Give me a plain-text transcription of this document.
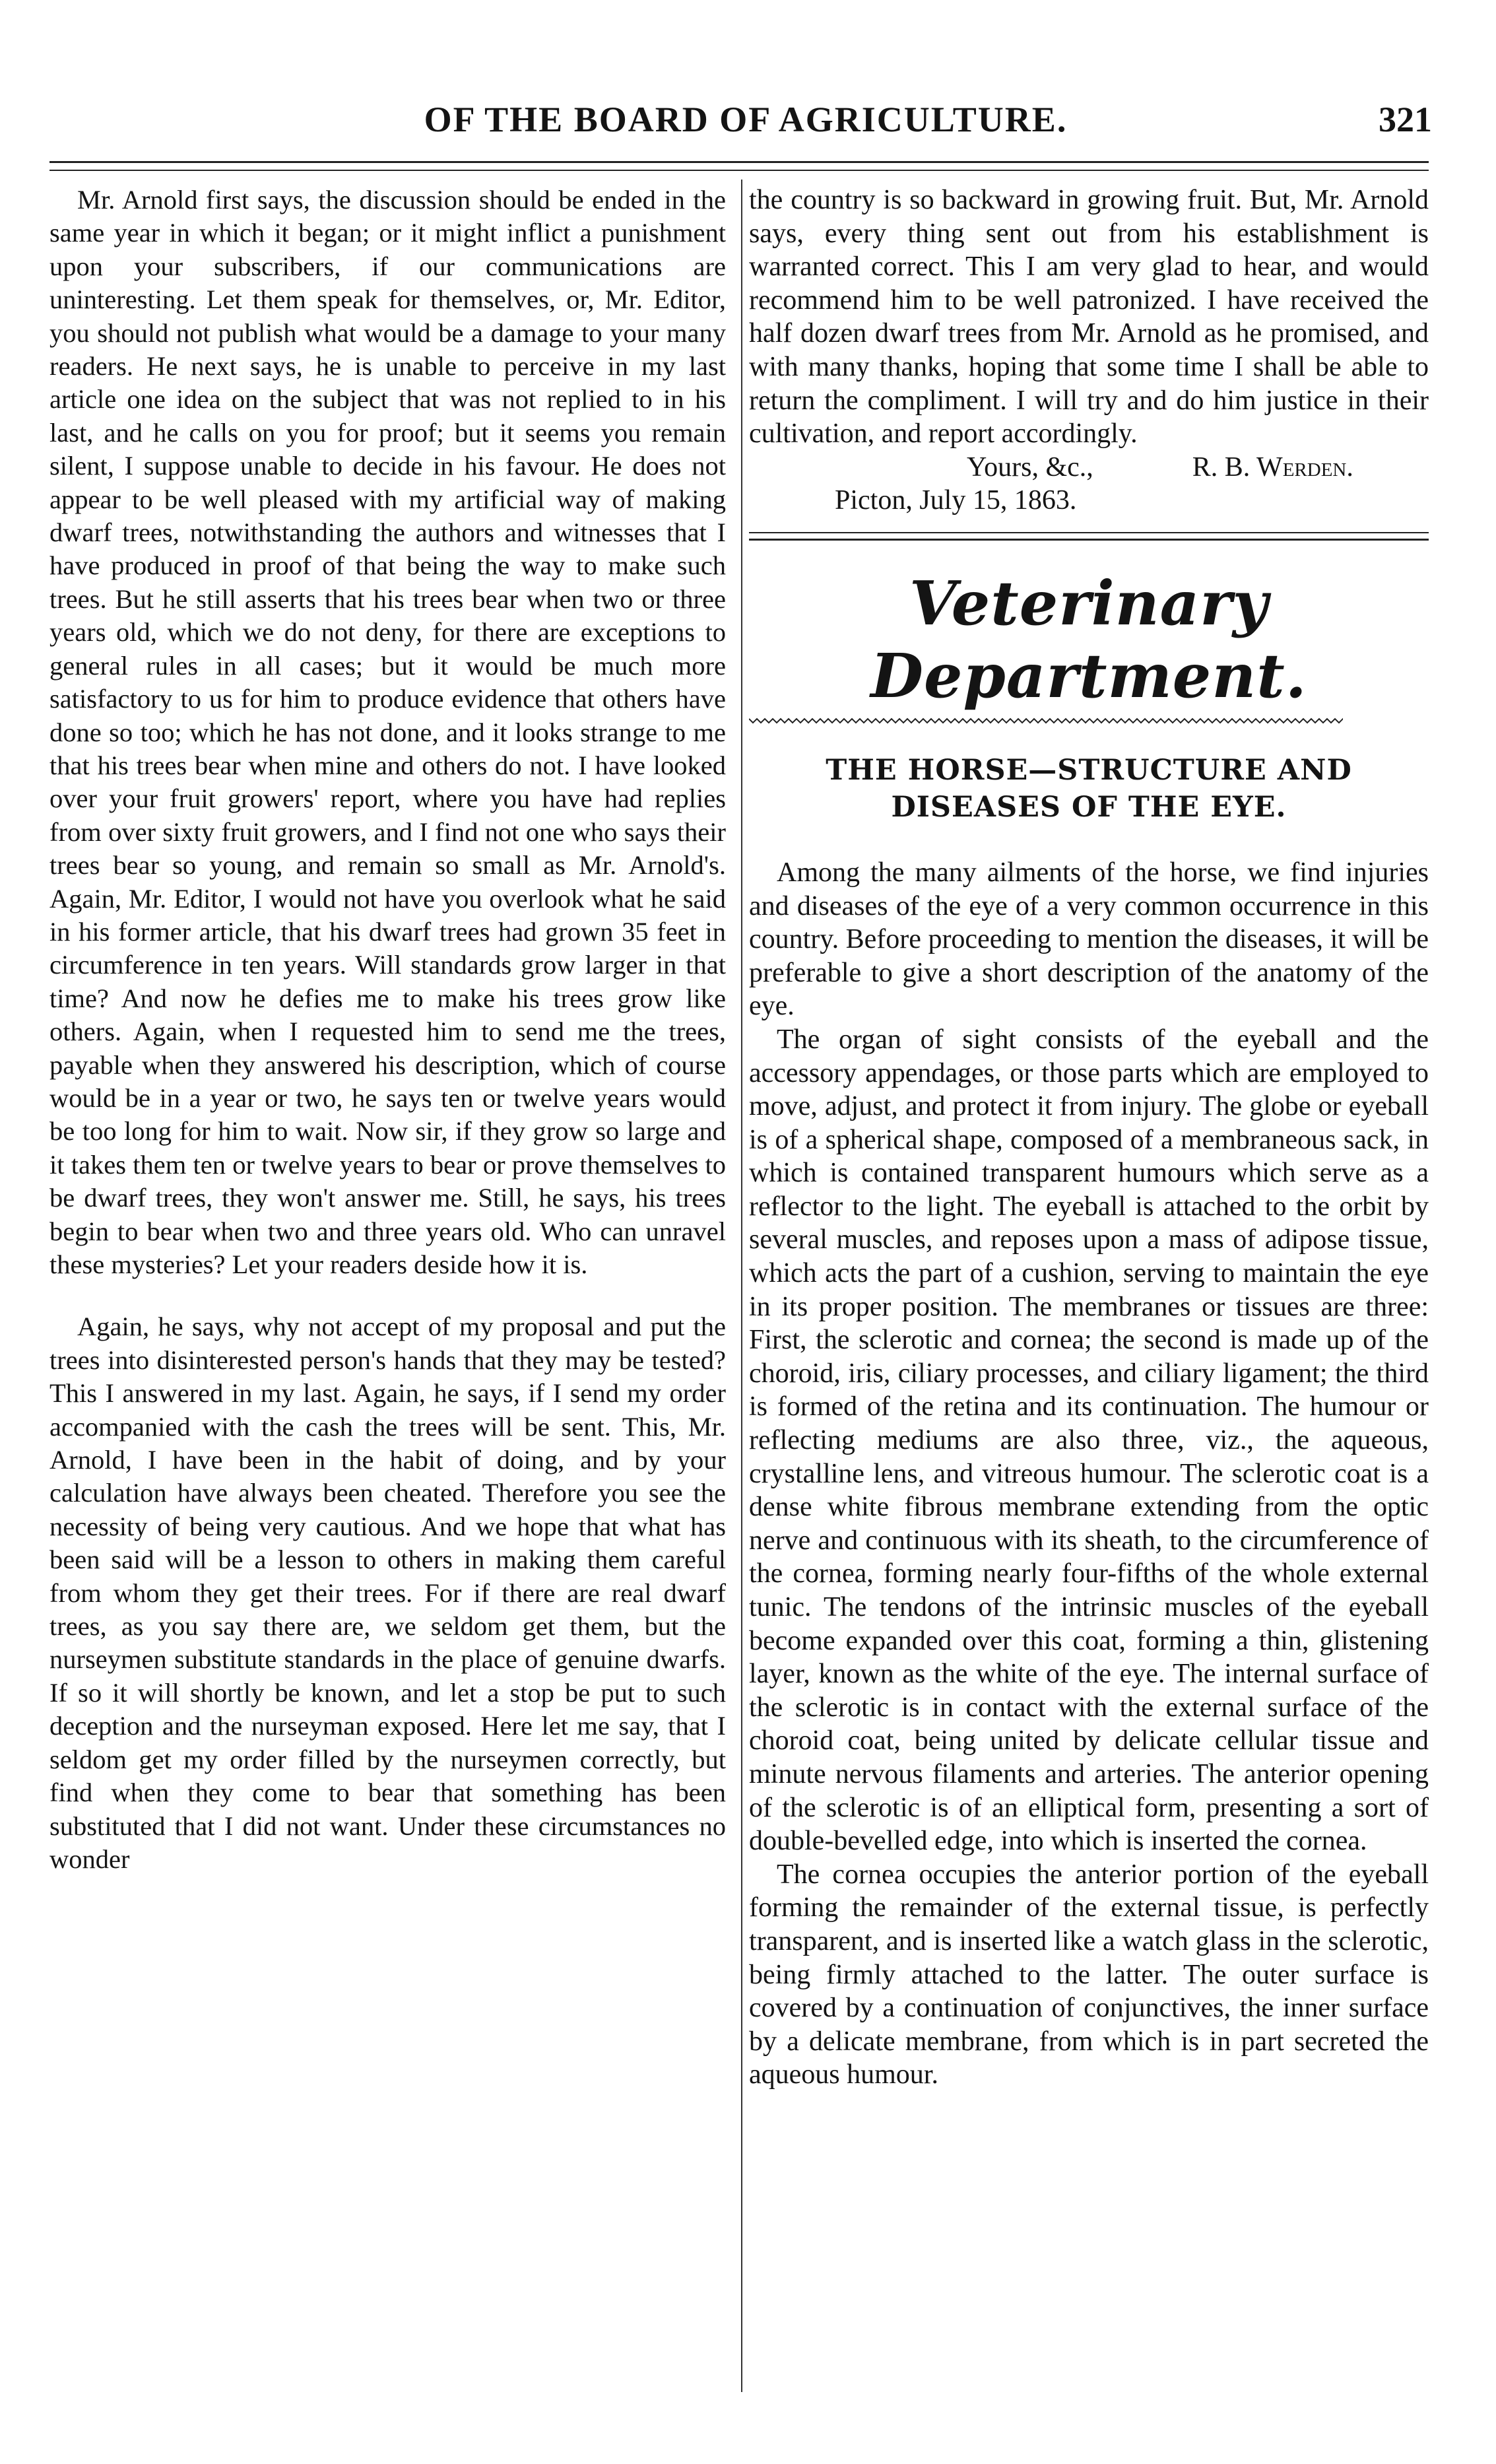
OF THE BOARD OF AGRICULTURE.	321

Mr. Arnold first says, the discussion should be ended in the same year in which it began; or it might inflict a punishment upon your subscribers, if our communications are uninteresting. Let them speak for themselves, or, Mr. Editor, you should not publish what would be a damage to your many readers. He next says, he is unable to perceive in my last article one idea on the subject that was not replied to in his last, and he calls on you for proof; but it seems you remain silent, I suppose unable to decide in his favour. He does not appear to be well pleased with my artificial way of making dwarf trees, notwithstanding the authors and witnesses that I have produced in proof of that being the way to make such trees. But he still asserts that his trees bear when two or three years old, which we do not deny, for there are exceptions to general rules in all cases; but it would be much more satisfactory to us for him to produce evidence that others have done so too; which he has not done, and it looks strange to me that his trees bear when mine and others do not. I have looked over your fruit growers' report, where you have had replies from over sixty fruit growers, and I find not one who says their trees bear so young, and remain so small as Mr. Arnold's. Again, Mr. Editor, I would not have you overlook what he said in his former article, that his dwarf trees had grown 35 feet in circumference in ten years. Will standards grow larger in that time? And now he defies me to make his trees grow like others. Again, when I requested him to send me the trees, payable when they answered his description, which of course would be in a year or two, he says ten or twelve years would be too long for him to wait. Now sir, if they grow so large and it takes them ten or twelve years to bear or prove themselves to be dwarf trees, they won't answer me. Still, he says, his trees begin to bear when two and three years old. Who can unravel these mysteries? Let your readers deside how it is.

Again, he says, why not accept of my proposal and put the trees into disinterested person's hands that they may be tested? This I answered in my last. Again, he says, if I send my order accompanied with the cash the trees will be sent. This, Mr. Arnold, I have been in the habit of doing, and by your calculation have always been cheated. Therefore you see the necessity of being very cautious. And we hope that what has been said will be a lesson to others in making them careful from whom they get their trees. For if there are real dwarf trees, as you say there are, we seldom get them, but the nurseymen substitute standards in the place of genuine dwarfs. If so it will shortly be known, and let a stop be put to such deception and the nurseyman exposed. Here let me say, that I seldom get my order filled by the nurseymen correctly, but find when they come to bear that something has been substituted that I did not want. Under these circumstances no wonder

the country is so backward in growing fruit. But, Mr. Arnold says, every thing sent out from his establishment is warranted correct. This I am very glad to hear, and would recommend him to be well patronized. I have received the half dozen dwarf trees from Mr. Arnold as he promised, and with many thanks, hoping that some time I shall be able to return the compliment. I will try and do him justice in their cultivation, and report accordingly.

Yours, &c.,	R. B. Werden.

Picton, July 15, 1863.

Veterinary Department.
THE HORSE—STRUCTURE AND DISEASES OF THE EYE.

Among the many ailments of the horse, we find injuries and diseases of the eye of a very common occurrence in this country. Before proceeding to mention the diseases, it will be preferable to give a short description of the anatomy of the eye.

The organ of sight consists of the eyeball and the accessory appendages, or those parts which are employed to move, adjust, and protect it from injury. The globe or eyeball is of a spherical shape, composed of a membraneous sack, in which is contained transparent humours which serve as a reflector to the light. The eyeball is attached to the orbit by several muscles, and reposes upon a mass of adipose tissue, which acts the part of a cushion, serving to maintain the eye in its proper position. The membranes or tissues are three: First, the sclerotic and cornea; the second is made up of the choroid, iris, ciliary processes, and ciliary ligament; the third is formed of the retina and its continuation. The humour or reflecting mediums are also three, viz., the aqueous, crystalline lens, and vitreous humour. The sclerotic coat is a dense white fibrous membrane extending from the optic nerve and continuous with its sheath, to the circumference of the cornea, forming nearly four-fifths of the whole external tunic. The tendons of the intrinsic muscles of the eyeball become expanded over this coat, forming a thin, glistening layer, known as the white of the eye. The internal surface of the sclerotic is in contact with the external surface of the choroid coat, being united by delicate cellular tissue and minute nervous filaments and arteries. The anterior opening of the sclerotic is of an elliptical form, presenting a sort of double-bevelled edge, into which is inserted the cornea.

The cornea occupies the anterior portion of the eyeball forming the remainder of the external tissue, is perfectly transparent, and is inserted like a watch glass in the sclerotic, being firmly attached to the latter. The outer surface is covered by a continuation of conjunctives, the inner surface by a delicate membrane, from which is in part secreted the aqueous humour.
